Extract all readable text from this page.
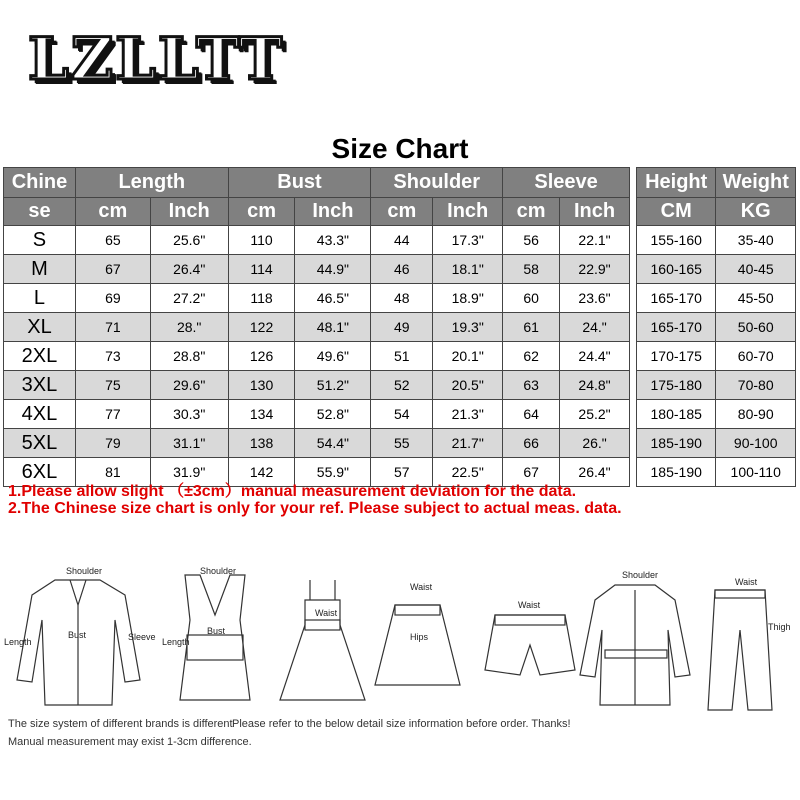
LZLLTT
Size Chart
Chine	Length		Bust		Shoulder		Sleeve	
se	cm	Inch	cm	Inch	cm	Inch	cm	Inch
S	65	25.6"	110	43.3"	44	17.3"	56	22.1"
M	67	26.4"	114	44.9"	46	18.1"	58	22.9"
L	69	27.2"	118	46.5"	48	18.9"	60	23.6"
XL	71	28."	122	48.1"	49	19.3"	61	24."
2XL	73	28.8"	126	49.6"	51	20.1"	62	24.4"
3XL	75	29.6"	130	51.2"	52	20.5"	63	24.8"
4XL	77	30.3"	134	52.8"	54	21.3"	64	25.2"
5XL	79	31.1"	138	54.4"	55	21.7"	66	26."
6XL	81	31.9"	142	55.9"	57	22.5"	67	26.4"
Height	Weight
CM	KG
155-160	35-40
160-165	40-45
165-170	45-50
165-170	50-60
170-175	60-70
175-180	70-80
180-185	80-90
185-190	90-100
185-190	100-110
1.Please allow slight （±3cm）manual measurement deviation for the data.
2.The Chinese size chart is only for your ref. Please subject to actual meas. data.
Shoulder
Length
Bust	Sleeve
Shoulder
Bust
Length
Waist
Waist
Hips
Waist
Shoulder
Waist
Thigh
The size system of different brands is different Please refer to the below detail size information before order. Thanks!
Manual measurement may exist 1-3cm difference.
